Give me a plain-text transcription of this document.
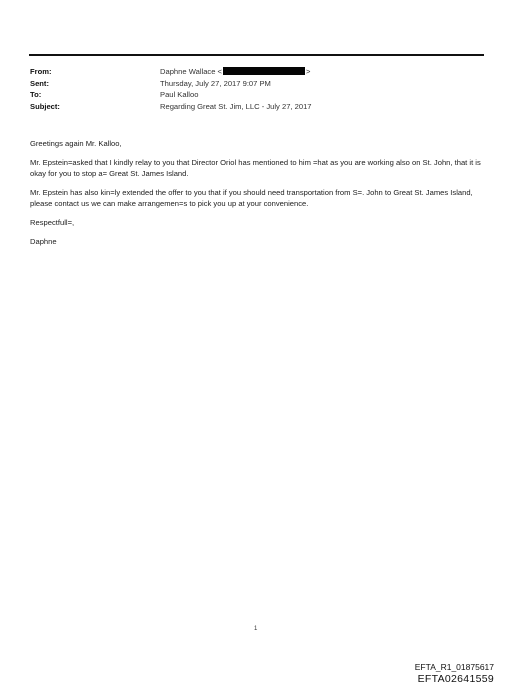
From:	Daphne Wallace <	>
Sent:	Thursday, July 27, 2017 9:07 PM
To:	Paul Kalloo
Subject:	Regarding Great St. Jim, LLC - July 27, 2017

Greetings again Mr. Kalloo,

Mr. Epstein=asked that I kindly relay to you that Director Oriol has mentioned to him =hat as you are working also on St. John, that it is okay for you to stop a= Great St. James Island.

Mr. Epstein has also kin=ly extended the offer to you that if you should need transportation from S=. John to Great St. James Island, please contact us we can make arrangemen=s to pick you up at your convenience.

Respectfull=,

Daphne

1
EFTA_R1_01875617
EFTA02641559
